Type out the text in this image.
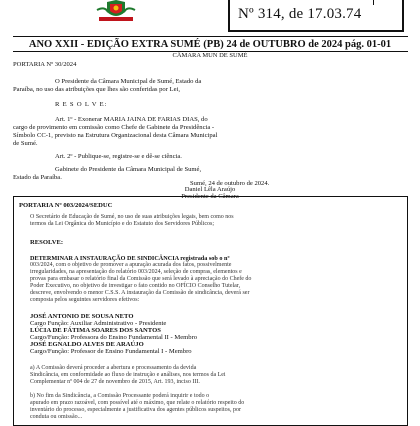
Nº 314, de 17.03.74
ANO XXII - EDIÇÃO EXTRA SUMÉ (PB) 24 de OUTUBRO de 2024 pág. 01-01
CÂMARA MUN DE SUMÉ
PORTARIA Nº 30/2024
O Presidente da Câmara Municipal de Sumé, Estado da
Paraíba, no uso das atribuições que lhes são conferidas por Lei,
R E S O L V E:
Art. 1º - Exonerar MARIA JAINA DE FARIAS DIAS, do
cargo de provimento em comissão como Chefe de Gabinete da Presidência -
Símbolo CC-1, previsto na Estrutura Organizacional desta Câmara Municipal
de Sumé.
Art. 2º - Publique-se, registre-se e dê-se ciência.
Gabinete do Presidente da Câmara Municipal de Sumé,
Estado da Paraíba.
Sumé, 24 de outubro de 2024.
Daniel Lêla Araújo
Presidente da Câmara
PORTARIA Nº 003/2024/SEDUC
O Secretário de Educação de Sumé, no uso de suas atribuições legais, bem como nos
termos da Lei Orgânica do Município e do Estatuto dos Servidores Públicos;
RESOLVE:
DETERMINAR A INSTAURAÇÃO DE SINDICÂNCIA registrada sob o nº
003/2024, com o objetivo de promover a apuração acurada dos fatos, possivelmente
irregularidades, na apresentação do relatório 003/2024, seleção de compras, elementos e
provas para embasar o relatório final da Comissão que será levado à apreciação do Chefe do
Poder Executivo, no objetivo de investigar o fato contido no OFÍCIO Conselho Tutelar,
descreve, envolvendo o menor C.S.S. A instauração da Comissão de sindicância, deverá ser
composta pelos seguintes servidores efetivos:
JOSÉ ANTONIO DE SOUSA NETO
Cargo Função: Auxiliar Administrativo - Presidente
LÚCIA DE FÁTIMA SOARES DOS SANTOS
Cargo/Função: Professora do Ensino Fundamental II - Membro
JOSÉ EGNALDO ALVES DE ARAÚJO
Cargo/Função: Professor de Ensino Fundamental I - Membro
a) A Comissão deverá proceder a abertura e processamento da devida
Sindicância, em conformidade ao fluxo de instrução e análises, nos termos da Lei
Complementar nº 004 de 27 de novembro de 2015, Art. 193, inciso III.
b) No fim da Sindicância, a Comissão Processante poderá inquirir e todo o
apurado em prazo razoável, com possível até o máximo, que relate o relatório respeito do
inventário do processo, especialmente a justificativa dos agentes públicos suspeitos, por
conduta ou omissão...
